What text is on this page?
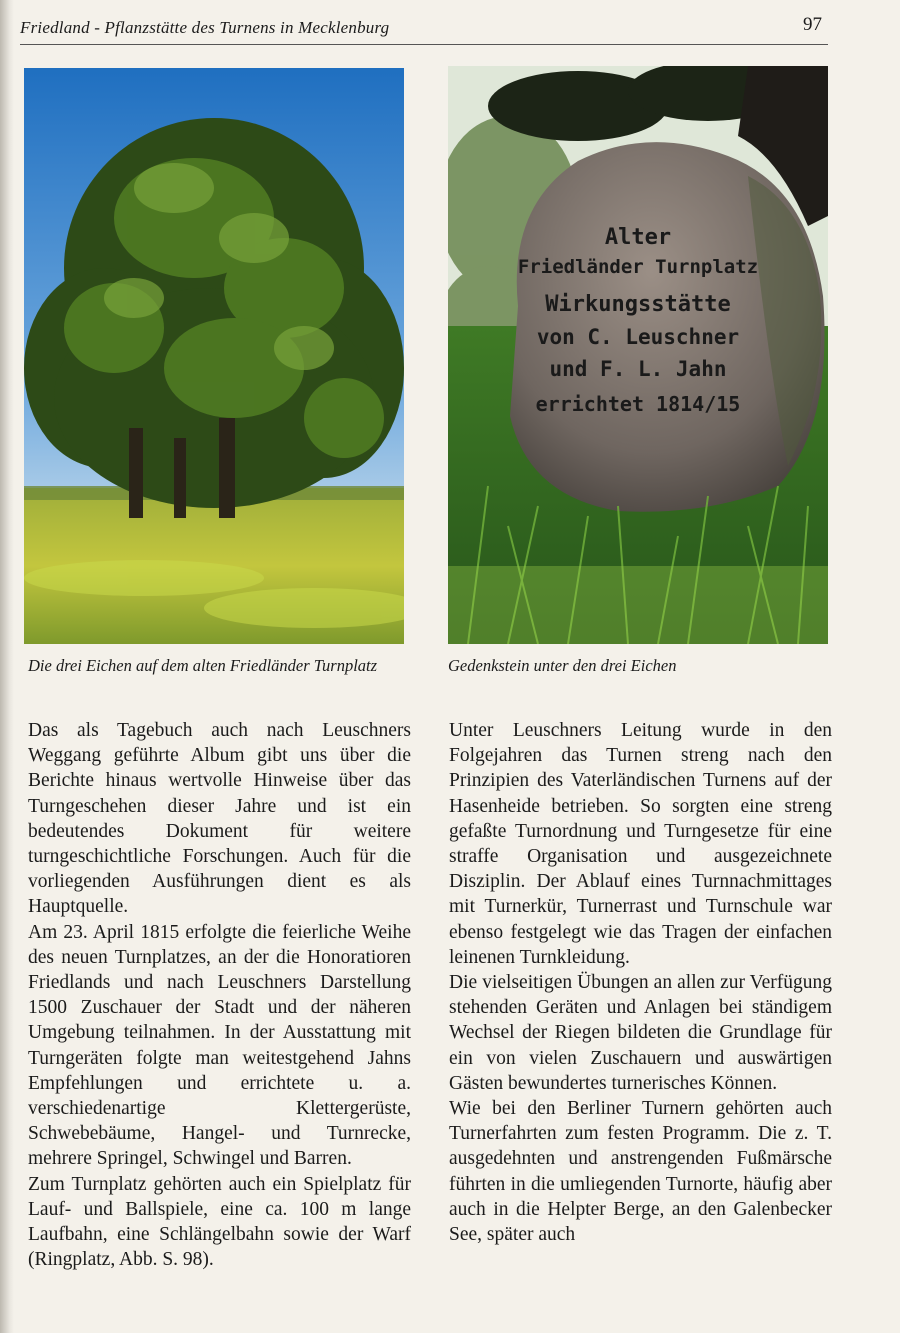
Friedland - Pflanzstätte des Turnens in Mecklenburg	97
Alter
Friedländer Turnplatz
Wirkungsstätte
von C. Leuschner
und F. L. Jahn
errichtet 1814/15
Die drei Eichen auf dem alten Friedländer Turnplatz	Gedenkstein unter den drei Eichen

Das als Tagebuch auch nach Leuschners Weggang geführte Album gibt uns über die Berichte hinaus wertvolle Hinweise über das Turngeschehen dieser Jahre und ist ein bedeutendes Dokument für weitere turngeschichtliche Forschungen. Auch für die vorliegenden Ausführungen dient es als Hauptquelle.

Am 23. April 1815 erfolgte die feierliche Weihe des neuen Turnplatzes, an der die Honoratioren Friedlands und nach Leuschners Darstellung 1500 Zuschauer der Stadt und der näheren Umgebung teilnahmen. In der Ausstattung mit Turngeräten folgte man weitestgehend Jahns Empfehlungen und errichtete u. a. verschiedenartige Klettergerüste, Schwebebäume, Hangel- und Turnrecke, mehrere Springel, Schwingel und Barren.

Zum Turnplatz gehörten auch ein Spielplatz für Lauf- und Ballspiele, eine ca. 100 m lange Laufbahn, eine Schlängelbahn sowie der Warf (Ringplatz, Abb. S. 98).

Unter Leuschners Leitung wurde in den Folgejahren das Turnen streng nach den Prinzipien des Vaterländischen Turnens auf der Hasenheide betrieben. So sorgten eine streng gefaßte Turnordnung und Turngesetze für eine straffe Organisation und ausgezeichnete Disziplin. Der Ablauf eines Turnnachmittages mit Turnerkür, Turnerrast und Turnschule war ebenso festgelegt wie das Tragen der einfachen leinenen Turnkleidung.

Die vielseitigen Übungen an allen zur Verfügung stehenden Geräten und Anlagen bei ständigem Wechsel der Riegen bildeten die Grundlage für ein von vielen Zuschauern und auswärtigen Gästen bewundertes turnerisches Können.

Wie bei den Berliner Turnern gehörten auch Turnerfahrten zum festen Programm. Die z. T. ausgedehnten und anstrengenden Fußmärsche führten in die umliegenden Turnorte, häufig aber auch in die Helpter Berge, an den Galenbecker See, später auch
